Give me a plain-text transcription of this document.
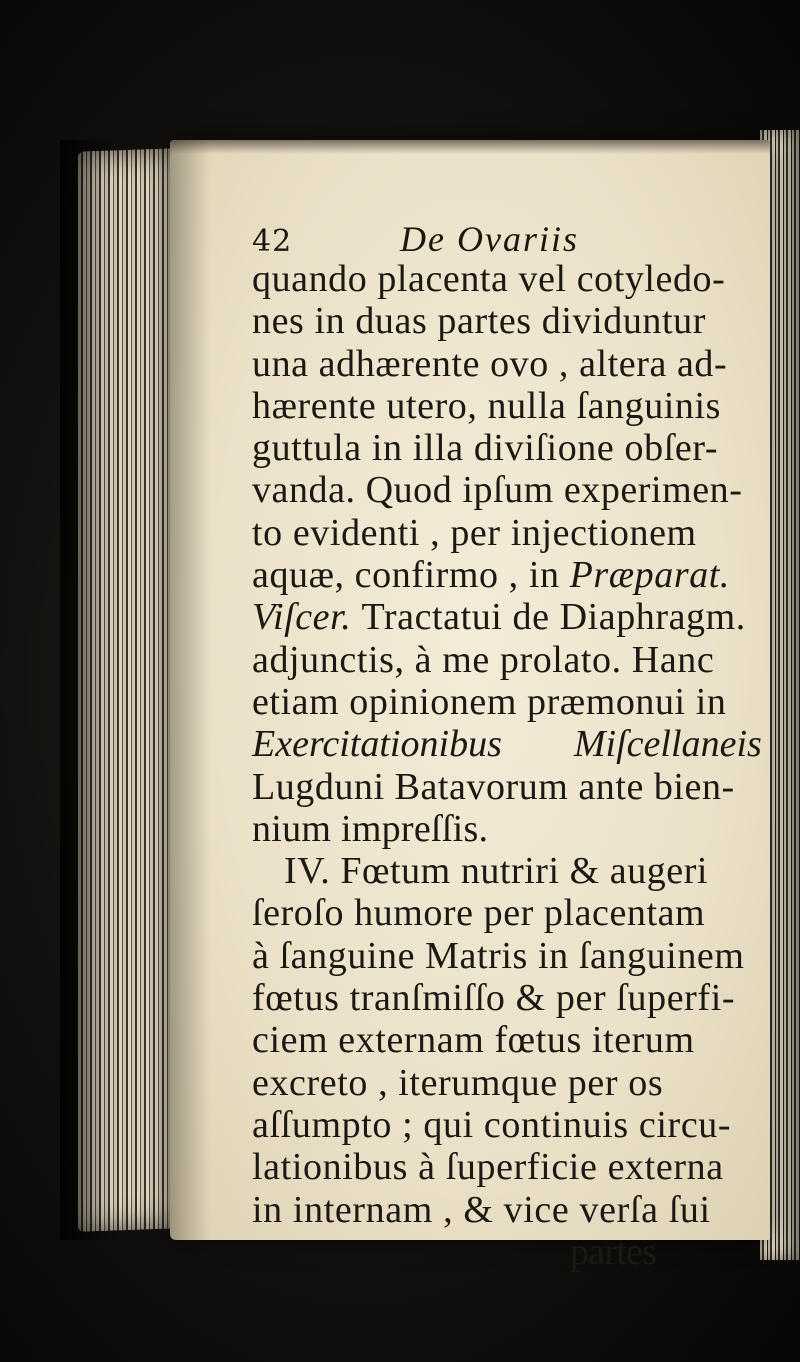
42	De Ovariis
quando placenta vel cotyledo-
nes in duas partes dividuntur
una adhærente ovo , altera ad-
hærente utero, nulla ſanguinis
guttula in illa diviſione obſer-
vanda. Quod ipſum experimen-
to evidenti , per injectionem
aquæ, confirmo , in Præparat.
Viſcer. Tractatui de Diaphragm.
adjunctis, à me prolato. Hanc
etiam opinionem præmonui in
Exercitationibus Miſcellaneis
Lugduni Batavorum ante bien-
nium impreſſis.
IV. Fœtum nutriri & augeri
ſeroſo humore per placentam
à ſanguine Matris in ſanguinem
fœtus tranſmiſſo & per ſuperfi-
ciem externam fœtus iterum
excreto , iterumque per os
aſſumpto ; qui continuis circu-
lationibus à ſuperficie externa
in internam , & vice verſa ſui
partes
